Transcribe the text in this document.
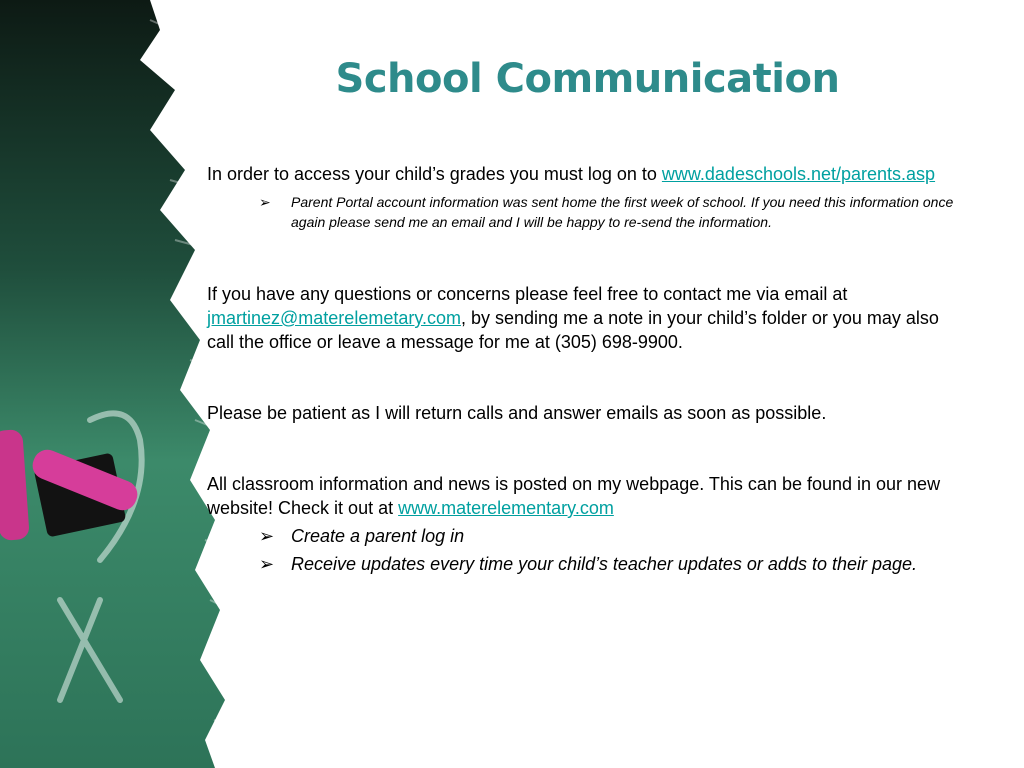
School Communication

In order to access your child’s grades you must log on to www.dadeschools.net/parents.asp

➢ Parent Portal account information was sent home the first week of school. If you need this information once again please send me an email and I will be happy to re-send the information.

If you have any questions or concerns please feel free to contact me via email at jmartinez@materelemetary.com, by sending me a note in your child’s folder or you may also call the office or leave a message for me at (305) 698-9900.

Please be patient as I will return calls and answer emails as soon as possible.

All classroom information and news is posted on my webpage. This can be found in our new website! Check it out at www.materelementary.com

➢ Create a parent log in
➢ Receive updates every time your child’s teacher updates or adds to their page.
